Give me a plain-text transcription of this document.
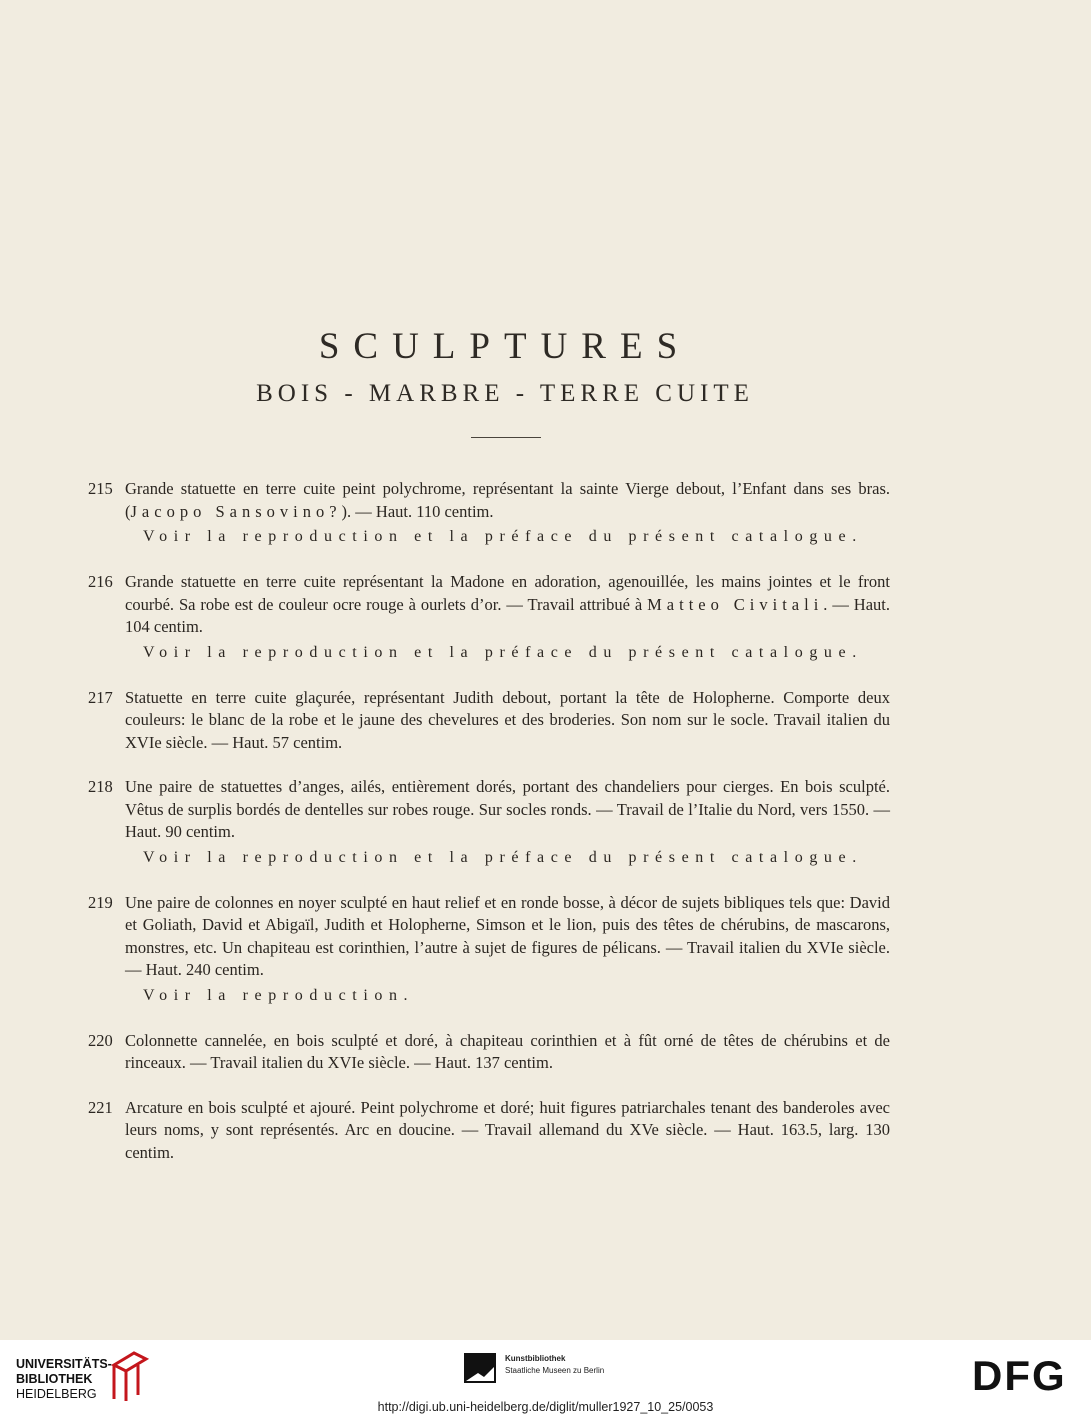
SCULPTURES
BOIS - MARBRE - TERRE CUITE
215 Grande statuette en terre cuite peint polychrome, représentant la sainte Vierge debout, l’Enfant dans ses bras. (Jacopo Sansovino?). — Haut. 110 centim.
Voir la reproduction et la préface du présent catalogue.
216 Grande statuette en terre cuite représentant la Madone en adoration, agenouillée, les mains jointes et le front courbé. Sa robe est de couleur ocre rouge à ourlets d’or. — Travail attribué à Matteo Civitali. — Haut. 104 centim.
Voir la reproduction et la préface du présent catalogue.
217 Statuette en terre cuite glaçurée, représentant Judith debout, portant la tête de Holopherne. Comporte deux couleurs: le blanc de la robe et le jaune des chevelures et des broderies. Son nom sur le socle. Travail italien du XVIe siècle. — Haut. 57 centim.
218 Une paire de statuettes d’anges, ailés, entièrement dorés, portant des chandeliers pour cierges. En bois sculpté. Vêtus de surplis bordés de dentelles sur robes rouge. Sur socles ronds. — Travail de l’Italie du Nord, vers 1550. — Haut. 90 centim.
Voir la reproduction et la préface du présent catalogue.
219 Une paire de colonnes en noyer sculpté en haut relief et en ronde bosse, à décor de sujets bibliques tels que: David et Goliath, David et Abigaïl, Judith et Holopherne, Simson et le lion, puis des têtes de chérubins, de mascarons, monstres, etc. Un chapiteau est corinthien, l’autre à sujet de figures de pélicans. — Travail italien du XVIe siècle. — Haut. 240 centim.
Voir la reproduction.
220 Colonnette cannelée, en bois sculpté et doré, à chapiteau corinthien et à fût orné de têtes de chérubins et de rinceaux. — Travail italien du XVIe siècle. — Haut. 137 centim.
221 Arcature en bois sculpté et ajouré. Peint polychrome et doré; huit figures patriarchales tenant des banderoles avec leurs noms, y sont représentés. Arc en doucine. — Travail allemand du XVe siècle. — Haut. 163.5, larg. 130 centim.
UNIVERSITÄTS-
BIBLIOTHEK
HEIDELBERG
Kunstbibliothek
Staatliche Museen zu Berlin	DFG
http://digi.ub.uni-heidelberg.de/diglit/muller1927_10_25/0053
